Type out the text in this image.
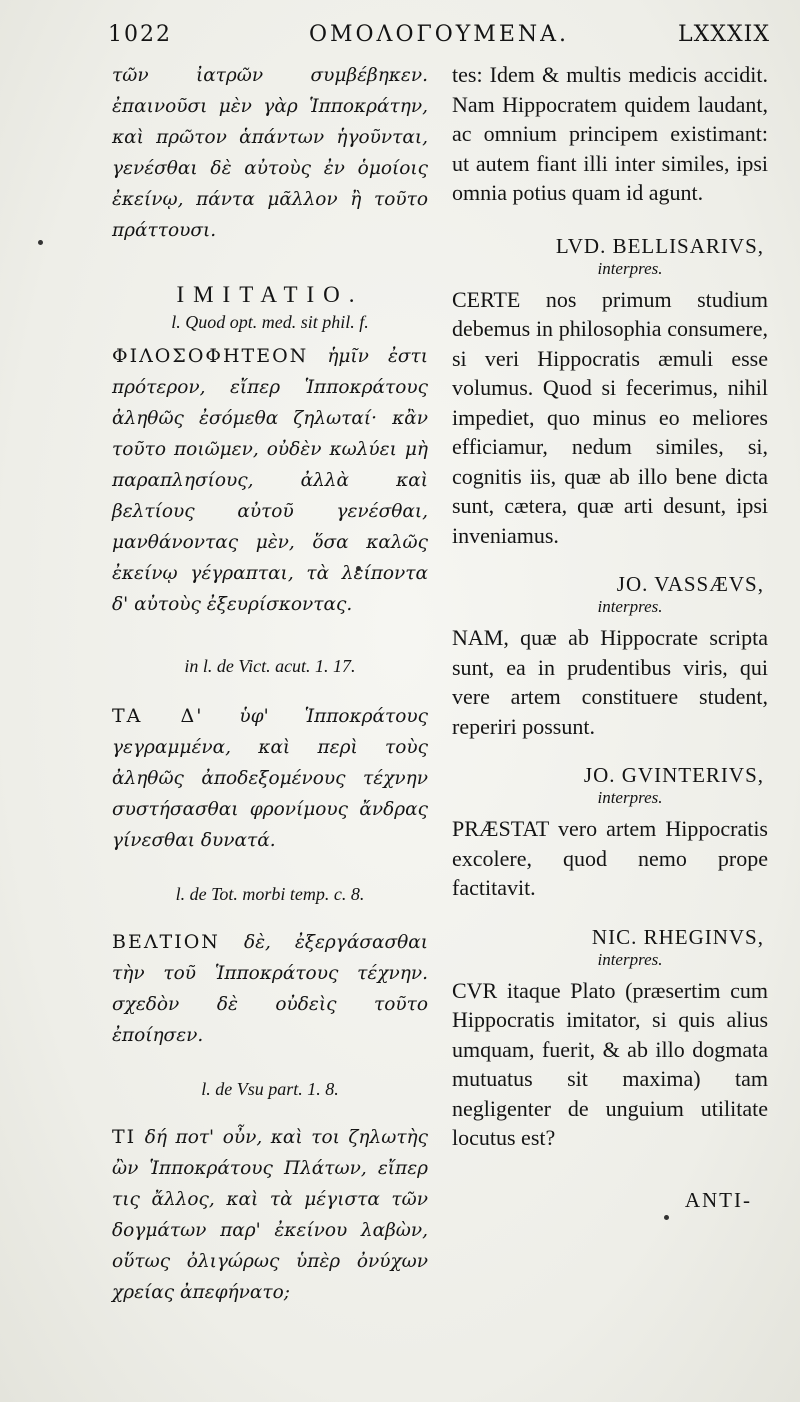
1022	ΟΜΟΛΟΓΟΥΜΕΝΑ.	LXXXIX

τῶν ἰατρῶν συμβέβηκεν. ἐπαινοῦσι μὲν γὰρ Ἱπποκράτην, καὶ πρῶτον ἁπάντων ἡγοῦνται, γενέσθαι δὲ αὐτοὺς ἐν ὁμοίοις ἐκείνῳ, πάντα μᾶλλον ἢ τοῦτο πράττουσι.

IMITATIO.
l. Quod opt. med. sit phil. f.

ΦΙΛΟΣΟΦΗΤΕΟΝ ἡμῖν ἐστι πρότερον, εἴπερ Ἱπποκράτους ἀληθῶς ἐσόμεθα ζηλωταί· κἂν τοῦτο ποιῶμεν, οὐδὲν κωλύει μὴ παραπλησίους, ἀλλὰ καὶ βελτίους αὐτοῦ γενέσθαι, μανθάνοντας μὲν, ὅσα καλῶς ἐκείνῳ γέγραπται, τὰ λείποντα δ' αὐτοὺς ἐξευρίσκοντας.

in l. de Vict. acut. 1. 17.

ΤΑ Δ' ὑφ' Ἱπποκράτους γεγραμμένα, καὶ περὶ τοὺς ἀληθῶς ἀποδεξομένους τέχνην συστήσασθαι φρονίμους ἄνδρας γίνεσθαι δυνατά.

l. de Tot. morbi temp. c. 8.

ΒΕΛΤΙΟΝ δὲ, ἐξεργάσασθαι τὴν τοῦ Ἱπποκράτους τέχνην. σχεδὸν δὲ οὐδεὶς τοῦτο ἐποίησεν.

l. de Vsu part. 1. 8.

ΤΙ δή ποτ' οὖν, καὶ τοι ζηλωτὴς ὢν Ἱπποκράτους Πλάτων, εἴπερ τις ἄλλος, καὶ τὰ μέγιστα τῶν δογμάτων παρ' ἐκείνου λαβὼν, οὕτως ὀλιγώρως ὑπὲρ ὀνύχων χρείας ἀπεφήνατο;

tes: Idem & multis medicis accidit. Nam Hippocratem quidem laudant, ac omnium principem existimant: ut autem fiant illi inter similes, ipsi omnia potius quam id agunt.

LVD. BELLISARIVS,
interpres.

CERTE nos primum studium debemus in philosophia consumere, si veri Hippocratis æmuli esse volumus. Quod si fecerimus, nihil impediet, quo minus eo meliores efficiamur, nedum similes, si, cognitis iis, quæ ab illo bene dicta sunt, cætera, quæ arti desunt, ipsi inveniamus.

JO. VASSÆVS,
interpres.

NAM, quæ ab Hippocrate scripta sunt, ea in prudentibus viris, qui vere artem constituere student, reperiri possunt.

JO. GVINTERIVS,
interpres.

PRÆSTAT vero artem Hippocratis excolere, quod nemo prope factitavit.

NIC. RHEGINVS,
interpres.

CVR itaque Plato (præsertim cum Hippocratis imitator, si quis alius umquam, fuerit, & ab illo dogmata mutuatus sit maxima) tam negligenter de unguium utilitate locutus est?

ANTI-
